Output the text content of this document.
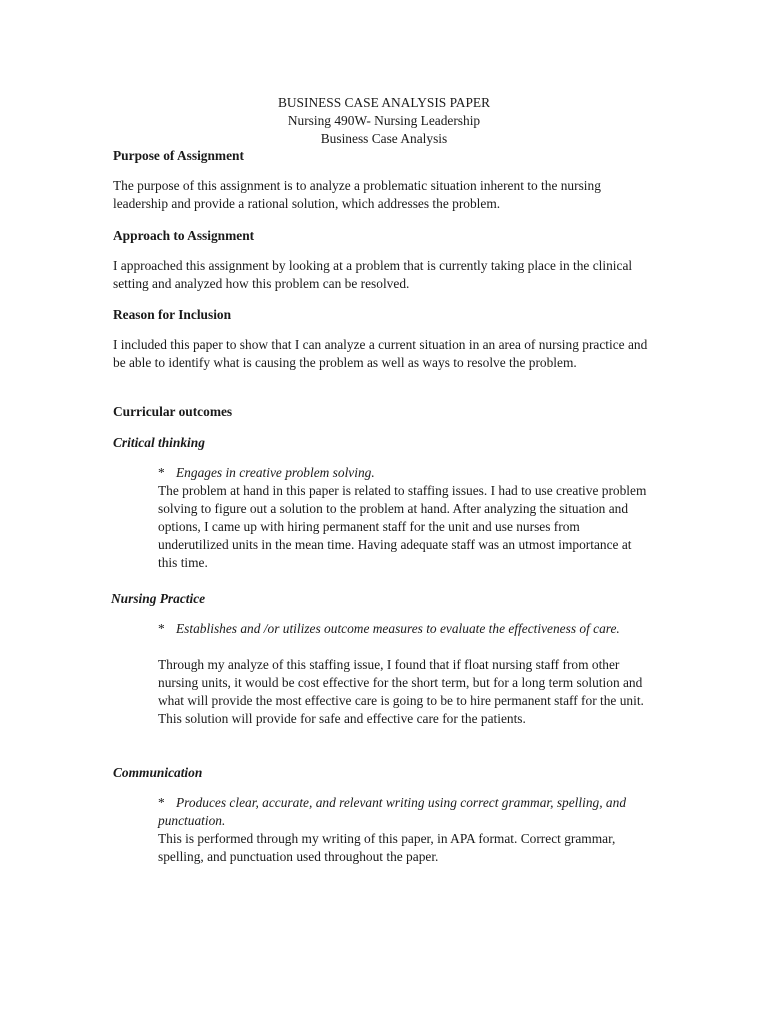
BUSINESS CASE ANALYSIS PAPER
Nursing 490W- Nursing Leadership
Business Case Analysis
Purpose of Assignment
The purpose of this assignment is to analyze a problematic situation inherent to the nursing leadership and provide a rational solution, which addresses the problem.
Approach to Assignment
I approached this assignment by looking at a problem that is currently taking place in the clinical setting and analyzed how this problem can be resolved.
Reason for Inclusion
I included this paper to show that I can analyze a current situation in an area of nursing practice and be able to identify what is causing the problem as well as ways to resolve the problem.
Curricular outcomes
Critical thinking
* Engages in creative problem solving.
The problem at hand in this paper is related to staffing issues. I had to use creative problem solving to figure out a solution to the problem at hand. After analyzing the situation and options, I came up with hiring permanent staff for the unit and use nurses from underutilized units in the mean time. Having adequate staff was an utmost importance at this time.
Nursing Practice
* Establishes and /or utilizes outcome measures to evaluate the effectiveness of care.
Through my analyze of this staffing issue, I found that if float nursing staff from other nursing units, it would be cost effective for the short term, but for a long term solution and what will provide the most effective care is going to be to hire permanent staff for the unit. This solution will provide for safe and effective care for the patients.
Communication
* Produces clear, accurate, and relevant writing using correct grammar, spelling, and punctuation.
This is performed through my writing of this paper, in APA format. Correct grammar, spelling, and punctuation used throughout the paper.
